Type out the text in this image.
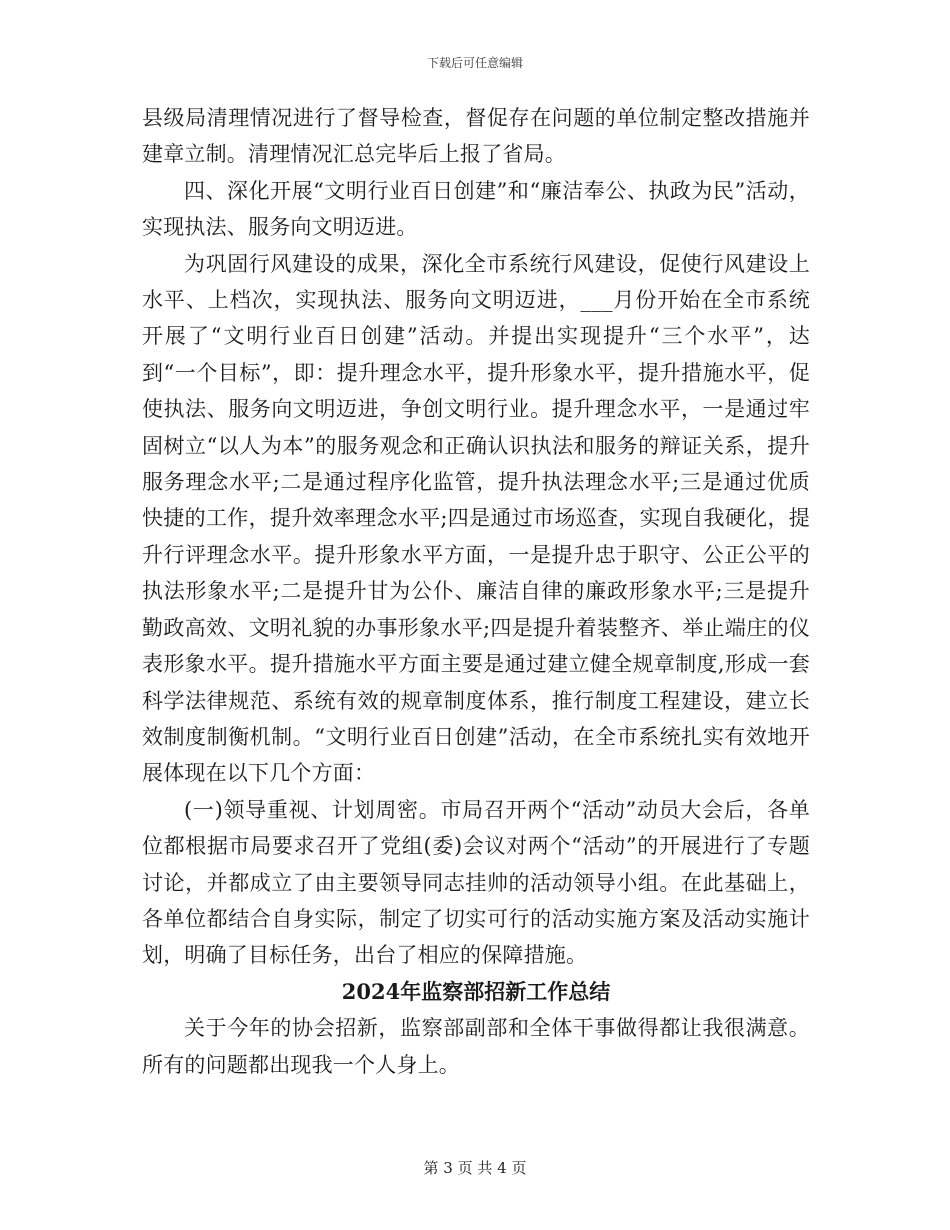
下载后可任意编辑

县级局清理情况进行了督导检查，督促存在问题的单位制定整改措施并建章立制。清理情况汇总完毕后上报了省局。

四、深化开展“文明行业百日创建”和“廉洁奉公、执政为民”活动，实现执法、服务向文明迈进。

为巩固行风建设的成果，深化全市系统行风建设，促使行风建设上水平、上档次，实现执法、服务向文明迈进，___月份开始在全市系统开展了“文明行业百日创建”活动。并提出实现提升“三个水平”，达到“一个目标”，即：提升理念水平，提升形象水平，提升措施水平，促使执法、服务向文明迈进，争创文明行业。提升理念水平，一是通过牢固树立“以人为本”的服务观念和正确认识执法和服务的辩证关系，提升服务理念水平;二是通过程序化监管，提升执法理念水平;三是通过优质快捷的工作，提升效率理念水平;四是通过市场巡查，实现自我硬化，提升行评理念水平。提升形象水平方面，一是提升忠于职守、公正公平的执法形象水平;二是提升甘为公仆、廉洁自律的廉政形象水平;三是提升勤政高效、文明礼貌的办事形象水平;四是提升着装整齐、举止端庄的仪表形象水平。提升措施水平方面主要是通过建立健全规章制度,形成一套科学法律规范、系统有效的规章制度体系，推行制度工程建设，建立长效制度制衡机制。“文明行业百日创建”活动，在全市系统扎实有效地开展体现在以下几个方面：

(一)领导重视、计划周密。市局召开两个“活动”动员大会后，各单位都根据市局要求召开了党组(委)会议对两个“活动”的开展进行了专题讨论，并都成立了由主要领导同志挂帅的活动领导小组。在此基础上，各单位都结合自身实际，制定了切实可行的活动实施方案及活动实施计划，明确了目标任务，出台了相应的保障措施。

2024年监察部招新工作总结

关于今年的协会招新，监察部副部和全体干事做得都让我很满意。所有的问题都出现我一个人身上。

第 3 页 共 4 页
